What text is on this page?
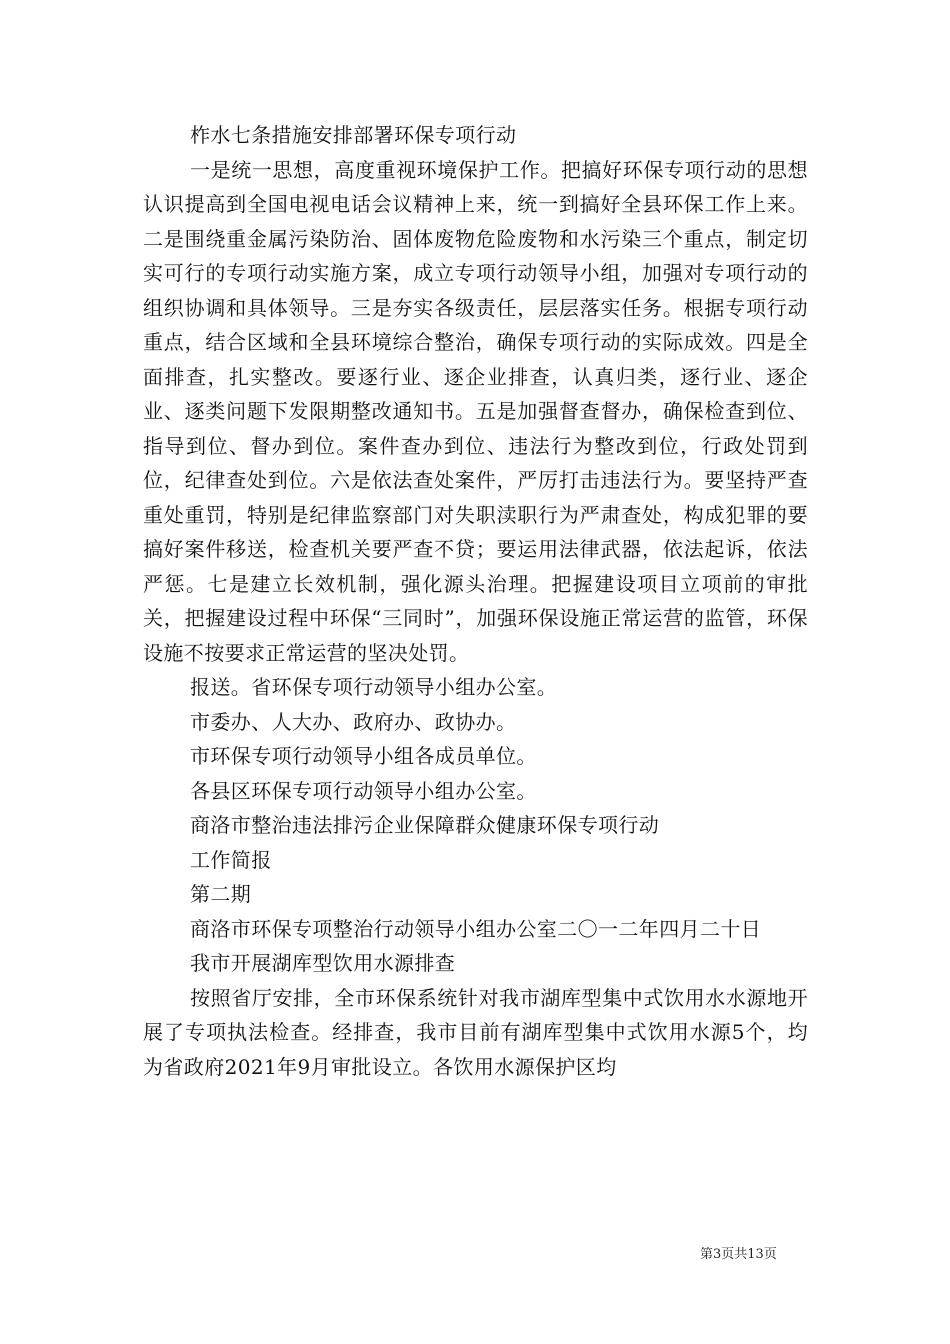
柞水七条措施安排部署环保专项行动

一是统一思想，高度重视环境保护工作。把搞好环保专项行动的思想认识提高到全国电视电话会议精神上来，统一到搞好全县环保工作上来。二是围绕重金属污染防治、固体废物危险废物和水污染三个重点，制定切实可行的专项行动实施方案，成立专项行动领导小组，加强对专项行动的组织协调和具体领导。三是夯实各级责任，层层落实任务。根据专项行动重点，结合区域和全县环境综合整治，确保专项行动的实际成效。四是全面排查，扎实整改。要逐行业、逐企业排查，认真归类，逐行业、逐企业、逐类问题下发限期整改通知书。五是加强督查督办，确保检查到位、指导到位、督办到位。案件查办到位、违法行为整改到位，行政处罚到位，纪律查处到位。六是依法查处案件，严厉打击违法行为。要坚持严查重处重罚，特别是纪律监察部门对失职渎职行为严肃查处，构成犯罪的要搞好案件移送，检查机关要严查不贷；要运用法律武器，依法起诉，依法严惩。七是建立长效机制，强化源头治理。把握建设项目立项前的审批关，把握建设过程中环保“三同时”，加强环保设施正常运营的监管，环保设施不按要求正常运营的坚决处罚。

报送。省环保专项行动领导小组办公室。

市委办、人大办、政府办、政协办。

市环保专项行动领导小组各成员单位。

各县区环保专项行动领导小组办公室。

商洛市整治违法排污企业保障群众健康环保专项行动

工作简报

第二期

商洛市环保专项整治行动领导小组办公室二〇一二年四月二十日

我市开展湖库型饮用水源排查

按照省厅安排，全市环保系统针对我市湖库型集中式饮用水水源地开展了专项执法检查。经排查，我市目前有湖库型集中式饮用水源5个，均为省政府2021年9月审批设立。各饮用水源保护区均

第3页共13页
